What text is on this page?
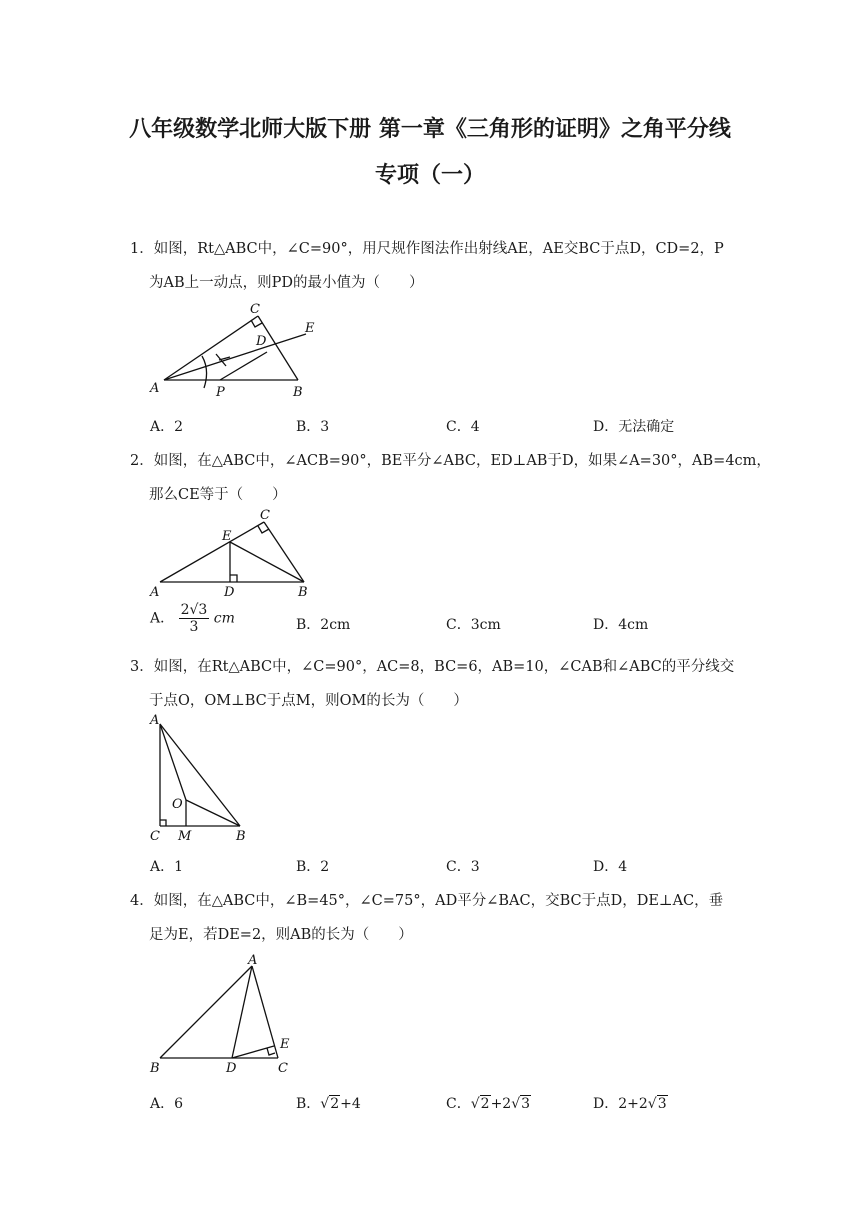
八年级数学北师大版下册 第一章《三角形的证明》之角平分线
专项（一）
1．如图，Rt△ABC中，∠C=90°，用尺规作图法作出射线AE，AE交BC于点D，CD=2，P
为AB上一动点，则PD的最小值为（　　）
C
E
D
A	P	B
A．2	B．3	C．4	D．无法确定
2．如图，在△ABC中，∠ACB=90°，BE平分∠ABC，ED⊥AB于D，如果∠A=30°，AB=4cm，
那么CE等于（　　）
E
C
A	D	B
A． $\frac{2√3}{3}$ cm	B．2cm	C．3cm	D．4cm
3．如图，在Rt△ABC中，∠C=90°，AC=8，BC=6，AB=10，∠CAB和∠ABC的平分线交
于点O，OM⊥BC于点M，则OM的长为（　　）
A
O
C M	B
A．1	B．2	C．3	D．4
4．如图，在△ABC中，∠B=45°，∠C=75°，AD平分∠BAC，交BC于点D，DE⊥AC，垂
足为E，若DE=2，则AB的长为（　　）
A
E
B	D	C
A．6	B．√2+4	C．√2+2√3	D．2+2√3
